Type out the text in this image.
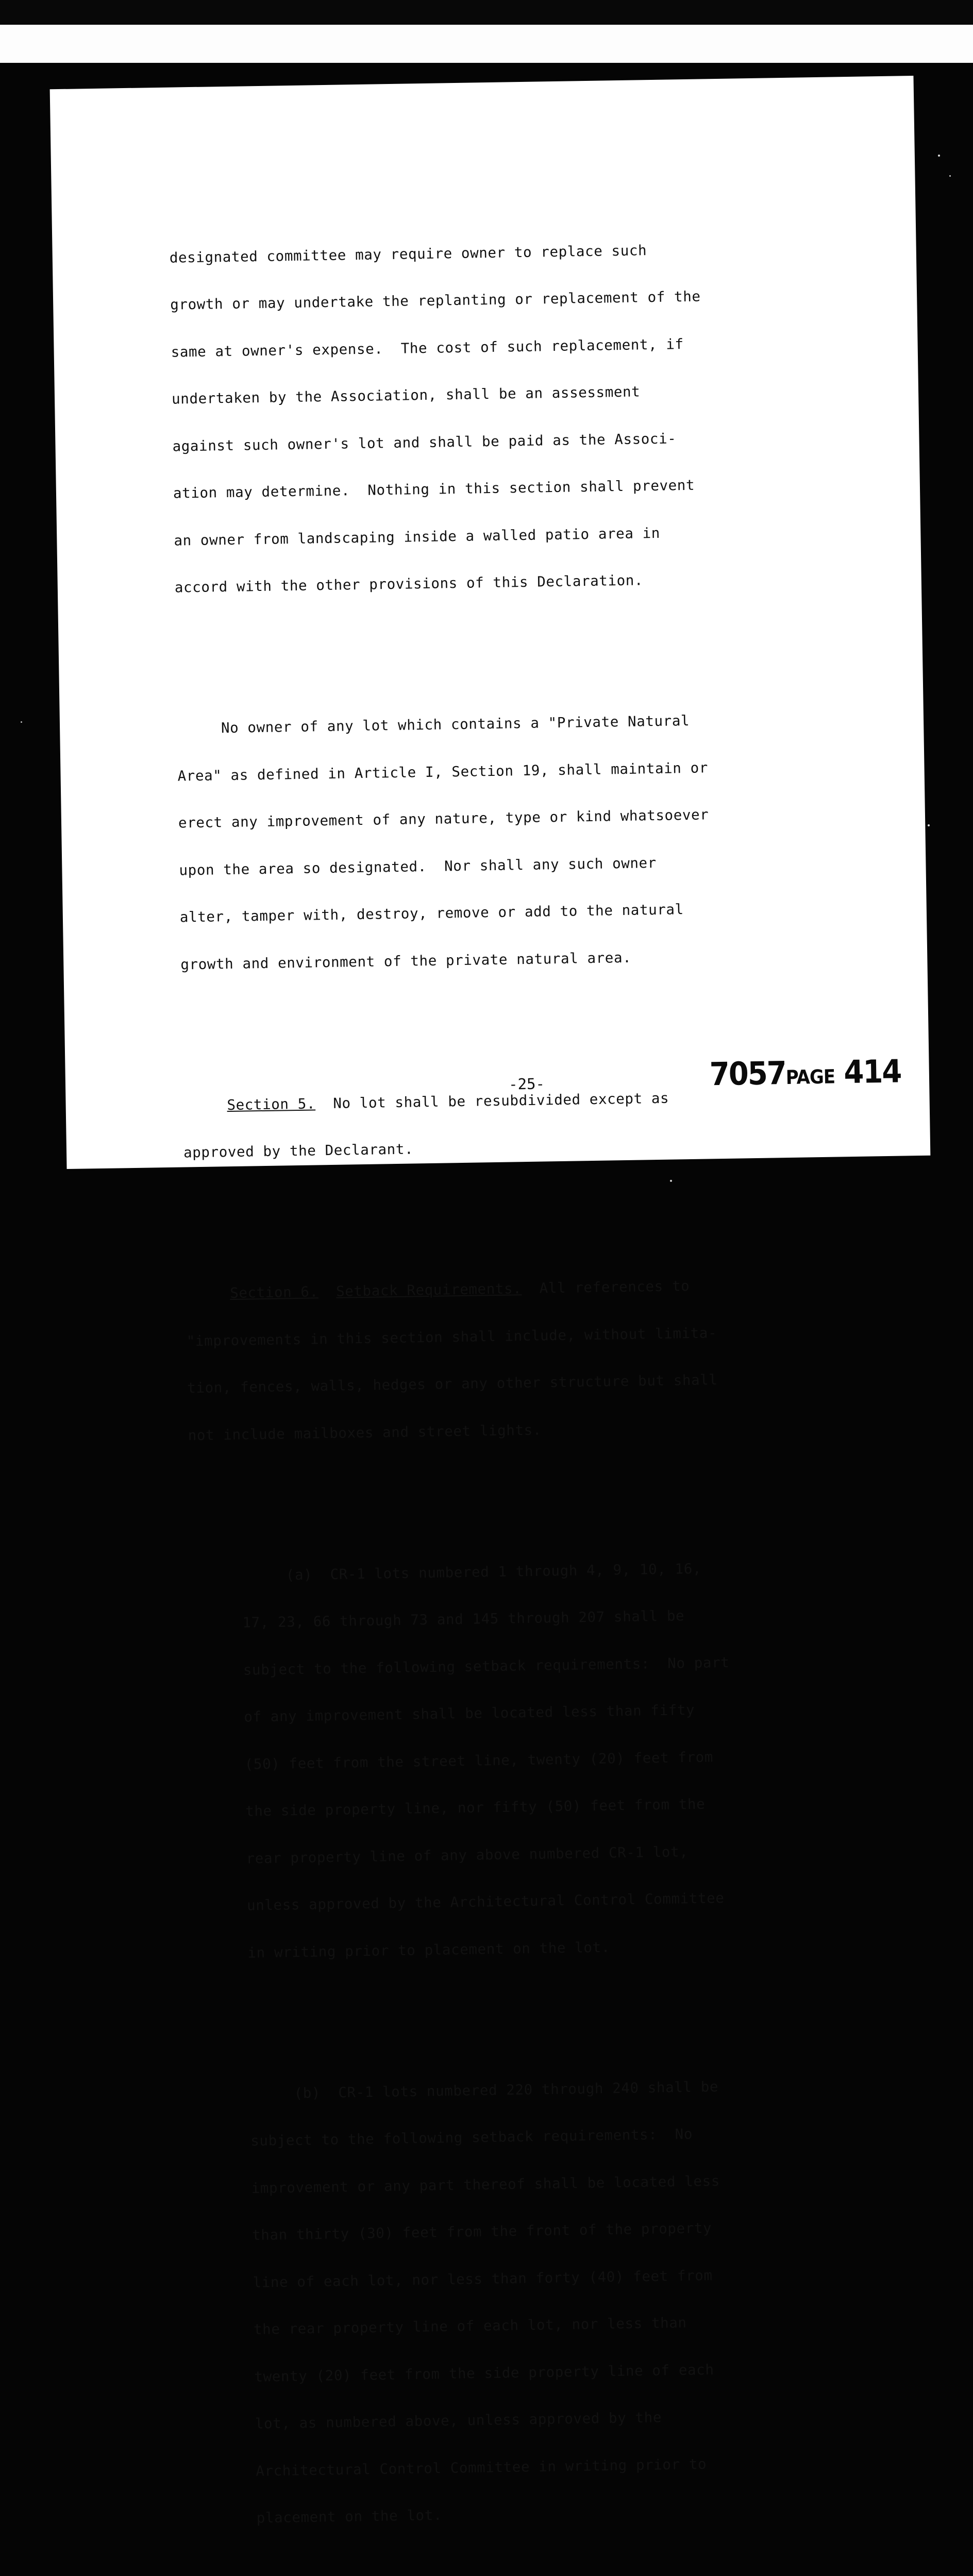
designated committee may require owner to replace such

growth or may undertake the replanting or replacement of the

same at owner's expense.  The cost of such replacement, if

undertaken by the Association, shall be an assessment

against such owner's lot and shall be paid as the Associ-

ation may determine.  Nothing in this section shall prevent

an owner from landscaping inside a walled patio area in

accord with the other provisions of this Declaration.

No owner of any lot which contains a "Private Natural

Area" as defined in Article I, Section 19, shall maintain or

erect any improvement of any nature, type or kind whatsoever

upon the area so designated.  Nor shall any such owner

alter, tamper with, destroy, remove or add to the natural

growth and environment of the private natural area.

Section 5.  No lot shall be resubdivided except as

approved by the Declarant.

Section 6. Setback Requirements.  All references to

"improvements in this section shall include, without limita-

tion, fences, walls, hedges or any other structure but shall

not include mailboxes and street lights.

(a)  CR-1 lots numbered 1 through 4, 9, 10, 16,

17, 23, 66 through 73 and 145 through 207 shall be

subject to the following setback requirements:  No part

of any improvement shall be located less than fifty

(50) feet from the street line, twenty (20) feet from

the side property line, nor fifty (50) feet from the

rear property line of any above numbered CR-1 lot,

unless approved by the Architectural Control Committee

in writing prior to placement on the lot.

(b)  CR-1 lots numbered 220 through 240 shall be

subject to the following setback requirements:  No

improvement or any part thereof shall be located less

than thirty (30) feet from the front of the property

line of each lot, nor less than forty (40) feet from

the rear property line of each lot, nor less than

twenty (20) feet from the side property line of each

lot, as numbered above, unless approved by the

Architectural Control Committee in writing prior to

placement on the lot.

-25-	7057PAGE 414
